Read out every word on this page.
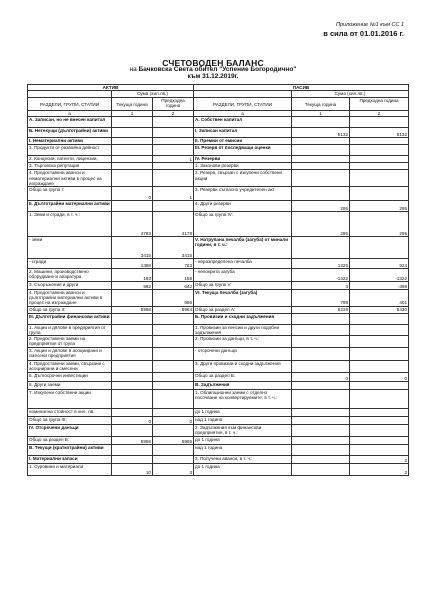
Приложение №1 към СС 1
в сила от 01.01.2016 г.
СЧЕТОВОДЕН БАЛАНС
на Бачковска Света обител "Успение Богородично"
към 31.12.2019г.
АКТИВ			ПАСИВ		
	Сума (хил.лв.)			Сума (хил.лв.)	
РАЗДЕЛИ, ГРУПИ, СТАТИИ	Текуща година	Предходна година	РАЗДЕЛИ, ГРУПИ, СТАТИИ	Текуща година	Предходна година
а	1	2	а	1	2
А. Записан, но не внесен капитал			А. Собствен капитал		
Б. Нетекущи (дълготрайни) активи			I. Записан капитал	5132	5132
I. Нематериални активи			II. Премии от емисии		
1. Продукти от развойна дейност			III. Резерв от последващи оценки		
2. Концесии, патенти, лицензии,		1	IV. Резерви		
3. Търговска репутация			1. Законови резерви		
4. Предоставени аванси и нематериални активи в процес на изграждане			2. Резерв, свързан с изкупени собствени акции		
Общо за група I:	0	1	3. Резерви съгласно учредителен акт		
II. Дълготрайни материални активи			4. Други резерви	295	295
1. Земи и сгради, в т. ч.:	4783	4178	Общо за група IV:	295	295
- земи	3415	3415	V. Натрупана печалба (загуба) от минали години, в т. ч.:		
- сгради	1368	763	- неразпределена печалба	1325	924
2. Машини, производствено оборудване и апаратура	193	158	- непокрита загуба	-1322	-1322
3. Съоръжения и други	982	642	Общо за група V:	3	-398
4. Предоставени аванси и дълготрайни материални активи в процес на изграждане		986	VI. Текуща печалба (загуба)	798	401
Общо за група II:	5958	5964	Общо за раздел А:	6228	5430
III. Дълготрайни финансови активи			Б. Провизии и сходни задължения		
1. Акции и дялове в предприятия от група			1. Провизии за пенсии и други подобни задължения		
2. Предоставени заеми на предприятия от група			2. Провизии за данъци, в т. ч.:		
3. Акции и дялове в асоциирани и смесени предприятия			- отсрочени данъци		
4. Предоставени заеми, свързани с асоциирани и смесени			3. Други провизии и сходни задължения		
5. Дългосрочни инвестиции			Общо за раздел Б:	0	0
6. Други заеми			В. Задължения		
7. Изкупени собствени акции			1. Облигационни заеми с отделно посочване на конвертируемите, в т. ч.:		
номинална стойност в хил. лв.			до 1 година		
Общо за група III:	0	0	над 1 година		
IV. Отсрочени данъци			2. Задължения към финансови предприятия, в т. ч.:		
Общо за раздел Б:	5958	5965	до 1 година		
В. Текущи (краткотрайни) активи			над 1 година		
I. Материални запаси			3. Получени аванси, в т. ч.:		2
1. Суровини и материали	10	3	до 1 година		2
